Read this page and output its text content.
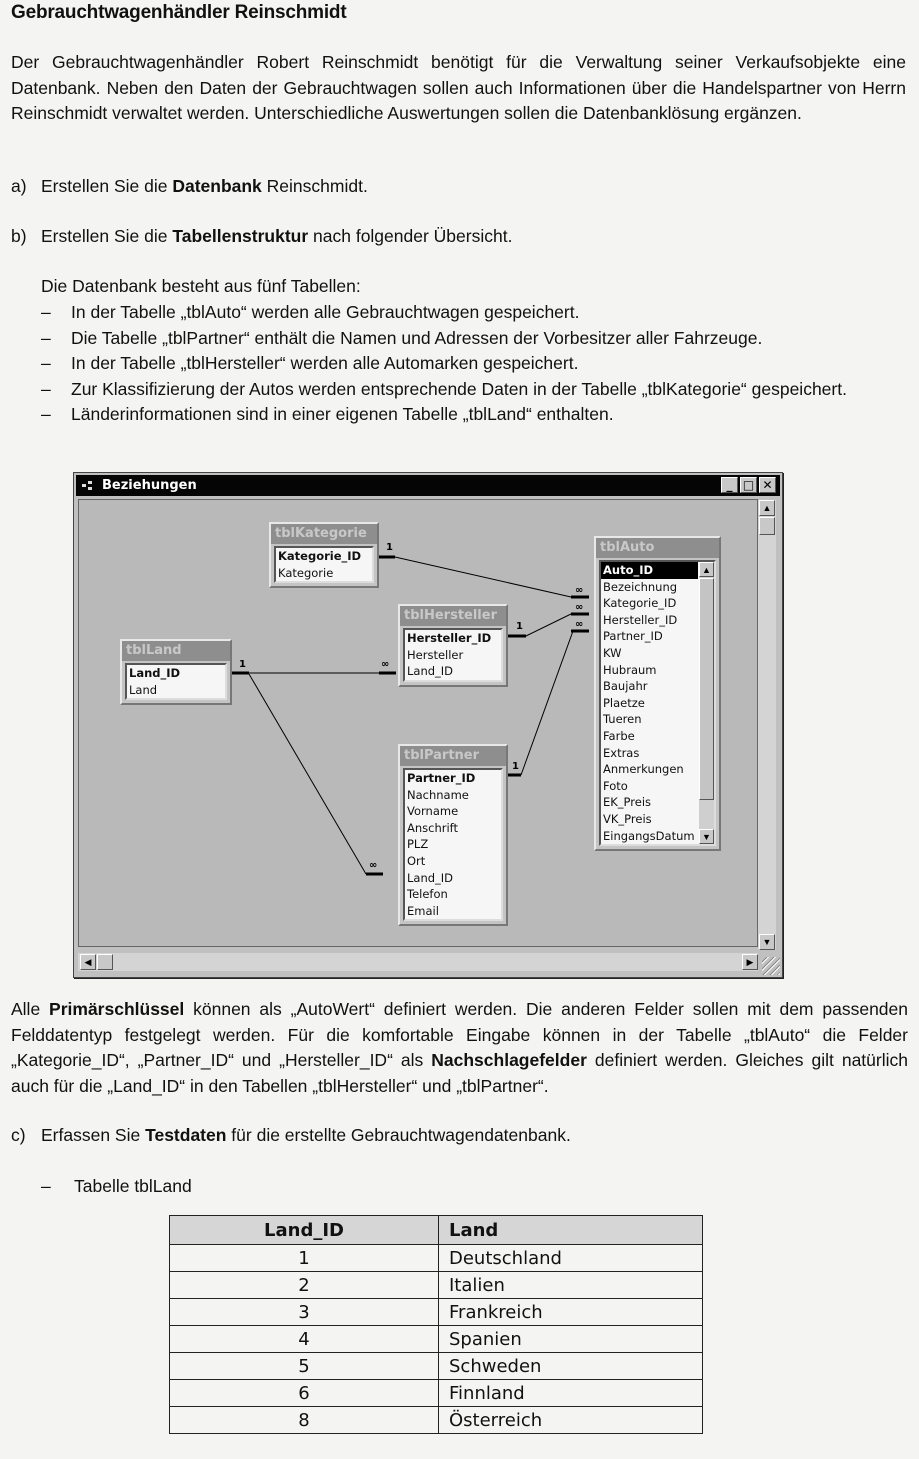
Gebrauchtwagenhändler Reinschmidt
Der Gebrauchtwagenhändler Robert Reinschmidt benötigt für die Verwaltung seiner Verkaufsobjekte eine Datenbank. Neben den Daten der Gebrauchtwagen sollen auch Informationen über die Handelspartner von Herrn Reinschmidt verwaltet werden. Unterschiedliche Auswertungen sollen die Datenbanklösung ergänzen.
a) Erstellen Sie die Datenbank Reinschmidt.
b) Erstellen Sie die Tabellenstruktur nach folgender Übersicht.
Die Datenbank besteht aus fünf Tabellen:
– In der Tabelle „tblAuto“ werden alle Gebrauchtwagen gespeichert.
– Die Tabelle „tblPartner“ enthält die Namen und Adressen der Vorbesitzer aller Fahrzeuge.
– In der Tabelle „tblHersteller“ werden alle Automarken gespeichert.
– Zur Klassifizierung der Autos werden entsprechende Daten in der Tabelle „tblKategorie“ gespeichert.
– Länderinformationen sind in einer eigenen Tabelle „tblLand“ enthalten.
Beziehungen	_ □ ✕
1
∞
1
∞
1
∞
1	∞
∞
tblKategorie
Kategorie_ID
Kategorie
tblHersteller
Hersteller_ID
Hersteller
Land_ID
tblLand
Land_ID
Land
tblPartner
Partner_ID
Nachname
Vorname
Anschrift
PLZ
Ort
Land_ID
Telefon
Email
tblAuto
▲
▼
Auto_ID
Bezeichnung
Kategorie_ID
Hersteller_ID
Partner_ID
KW
Hubraum
Baujahr
Plaetze
Tueren
Farbe
Extras
Anmerkungen
Foto
EK_Preis
VK_Preis
EingangsDatum
▲
▼
◀	▶
Alle Primärschlüssel können als „AutoWert“ definiert werden. Die anderen Felder sollen mit dem passenden Felddatentyp festgelegt werden. Für die komfortable Eingabe können in der Tabelle „tblAuto“ die Felder „Kategorie_ID“, „Partner_ID“ und „Hersteller_ID“ als Nachschlagefelder definiert werden. Gleiches gilt natürlich auch für die „Land_ID“ in den Tabellen „tblHersteller“ und „tblPartner“.
c) Erfassen Sie Testdaten für die erstellte Gebrauchtwagendatenbank.
– Tabelle tblLand
Land_ID	Land
1	Deutschland
2	Italien
3	Frankreich
4	Spanien
5	Schweden
6	Finnland
8	Österreich
